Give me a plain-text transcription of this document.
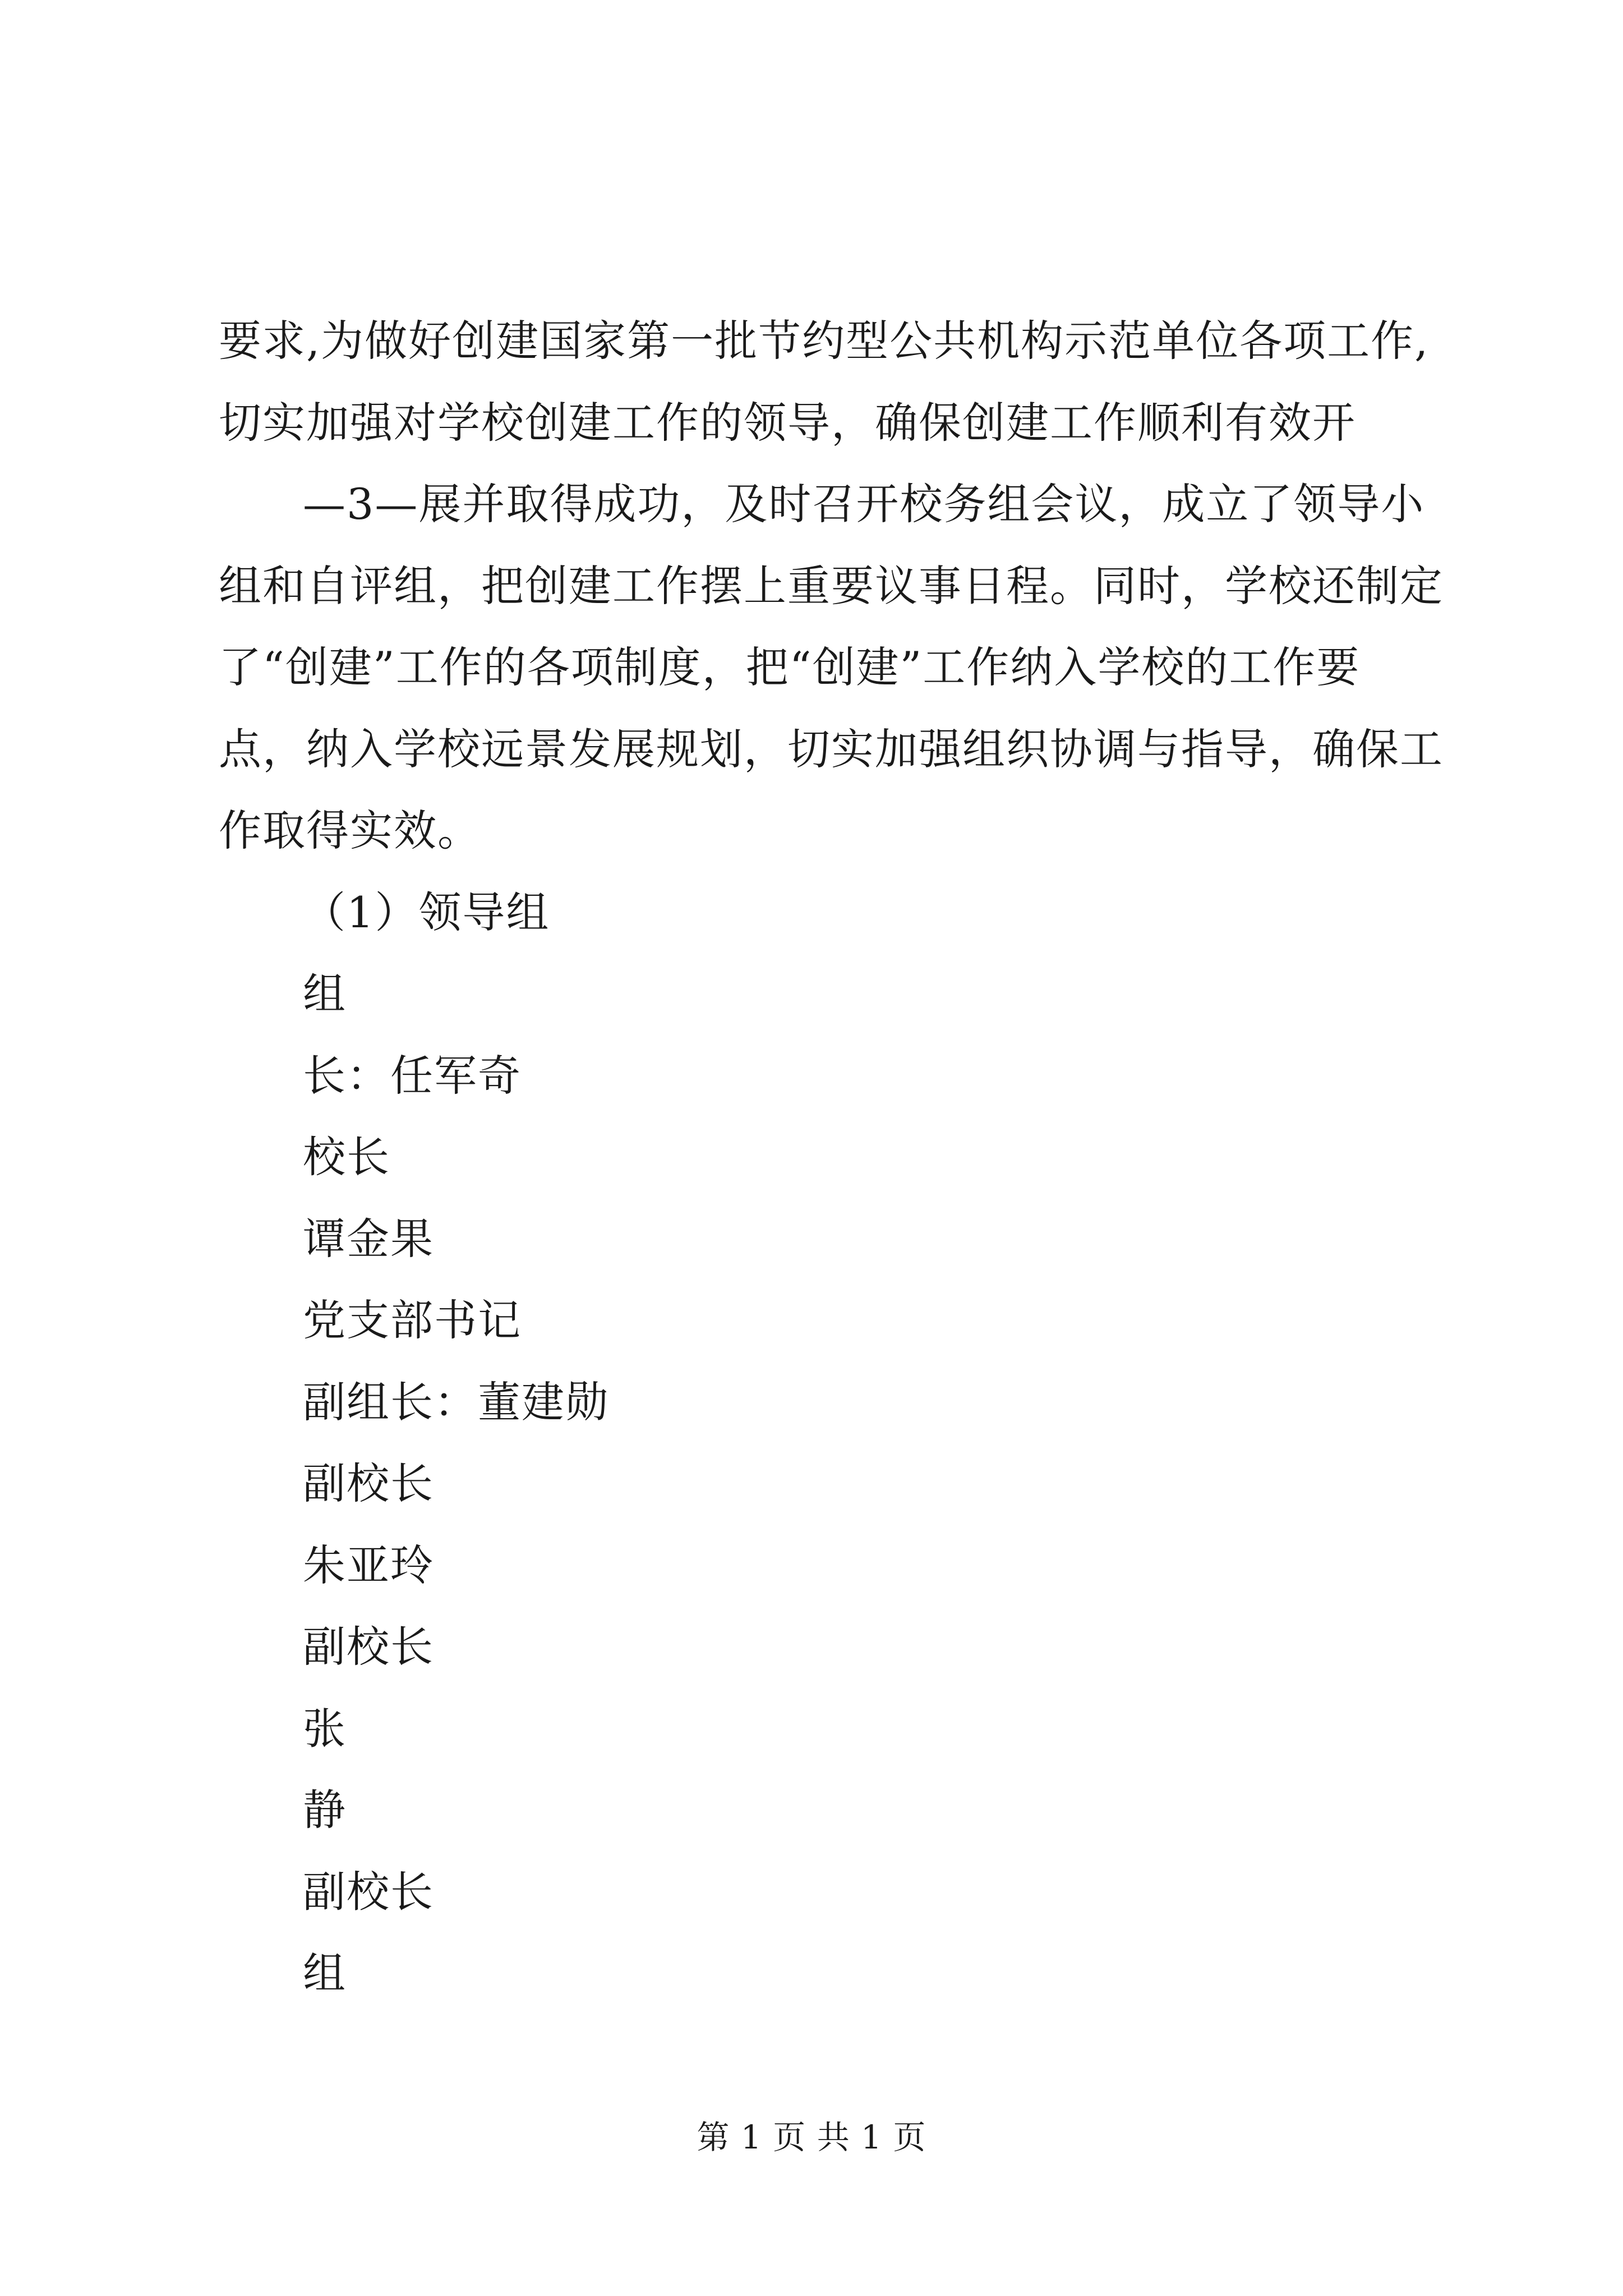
要求,为做好创建国家第一批节约型公共机构示范单位各项工作,
切实加强对学校创建工作的领导，确保创建工作顺利有效开
—3—展并取得成功，及时召开校务组会议，成立了领导小
组和自评组，把创建工作摆上重要议事日程。同时，学校还制定
了“创建”工作的各项制度，把“创建”工作纳入学校的工作要
点，纳入学校远景发展规划，切实加强组织协调与指导，确保工
作取得实效。
（1）领导组
组
长：任军奇
校长
谭金果
党支部书记
副组长：董建勋
副校长
朱亚玲
副校长
张
静
副校长
组
第 1 页 共 1 页
